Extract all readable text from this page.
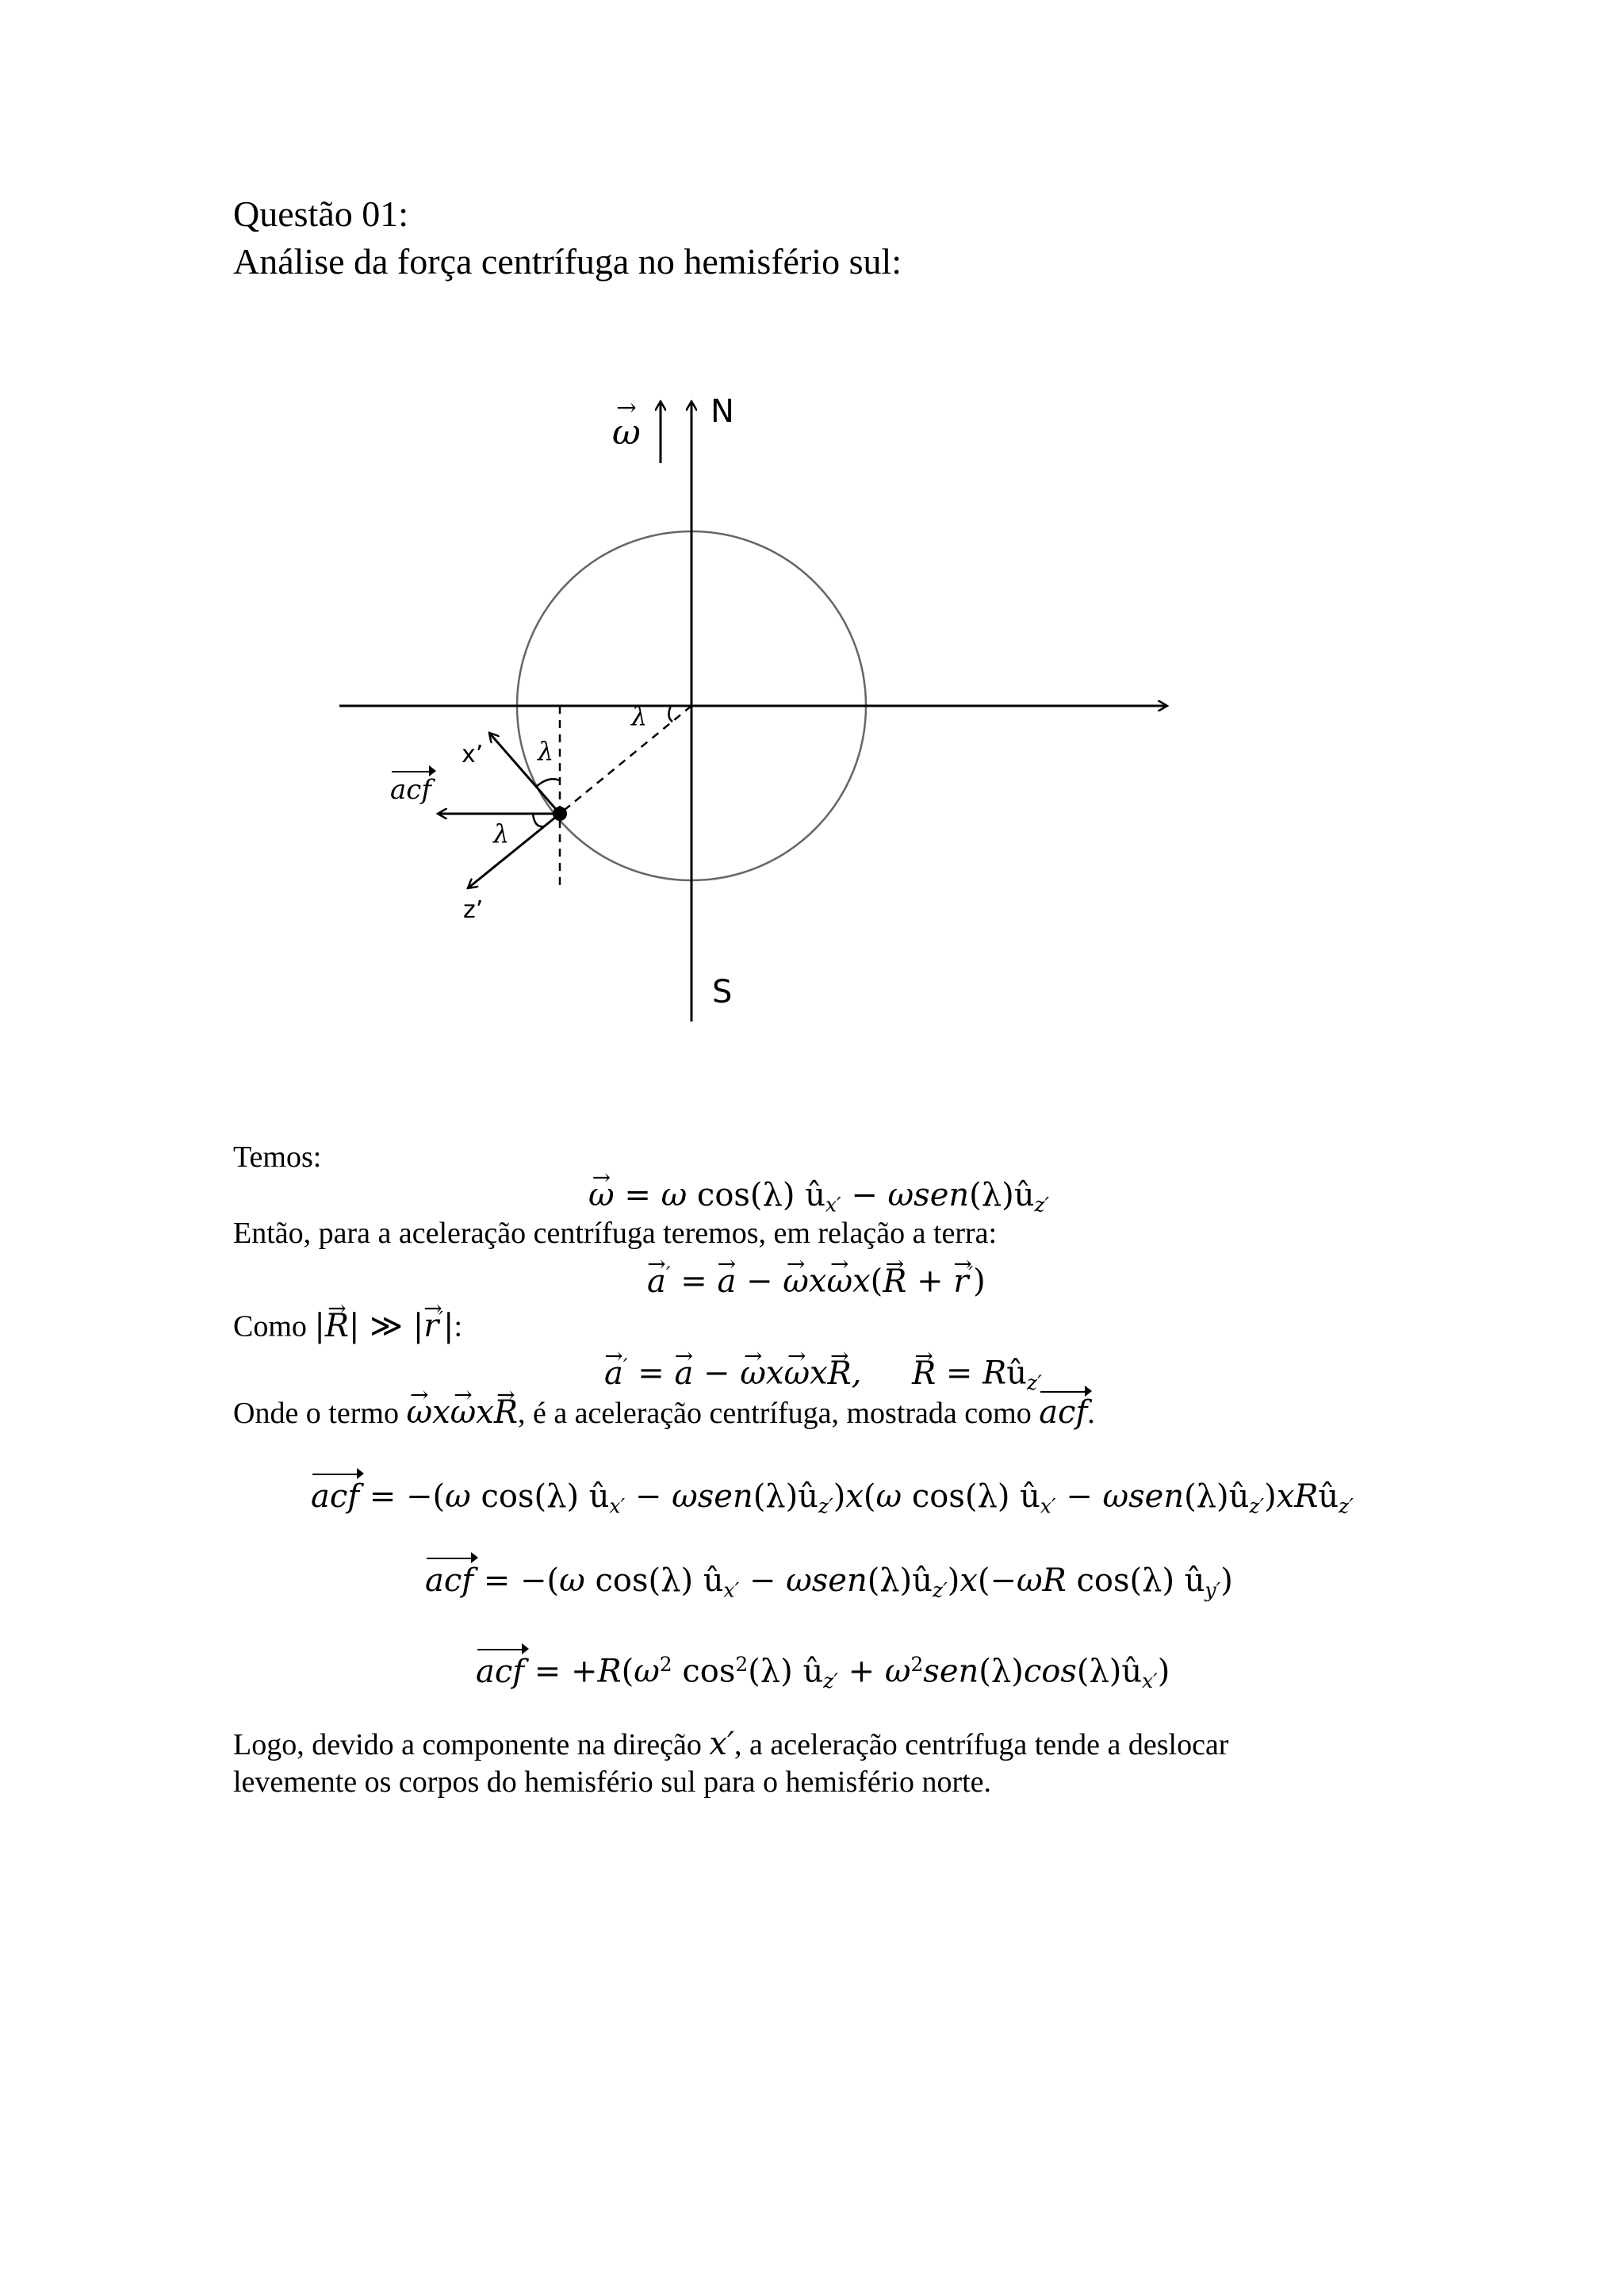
Questão 01:
Análise da força centrífuga no hemisfério sul:
ω →
N
S
λ
λ
λ
x’
z’
acf
Temos:
ω → = ω cos(λ) $û_{x'}$ − $\omega sen(\lambda)û_{z'}$
Então, para a aceleração centrífuga teremos, em relação a terra:
a →′ = a → − ω →xω →x(R → + r →′)
Como |R →| ≫ |r →′|:
a →′ = a → − ω →xω →xR →,     R → = $Rû_{z'}$
Onde o termo ω →xω →xR →, é a aceleração centrífuga, mostrada como acf.
acf = −(ω cos(λ) $û_{x'}$ − $\omega sen(\lambda)û_{z'})x(\omega$ cos(λ) $û_{x'}$ − $\omega sen(\lambda)û_{z'})xRû_{z'}$
acf = −(ω cos(λ) $û_{x'}$ − $\omega sen(\lambda)û_{z'})x(-\omega R$ cos(λ) $û_{y'}$)
acf = $+R(\omega^2$ $\cos^2(\lambda)$ $û_{z'}$ + $\omega^2sen(\lambda)\cos(\lambda)û_{x'}$)
Logo, devido a componente na direção x′, a aceleração centrífuga tende a deslocar
levemente os corpos do hemisfério sul para o hemisfério norte.
